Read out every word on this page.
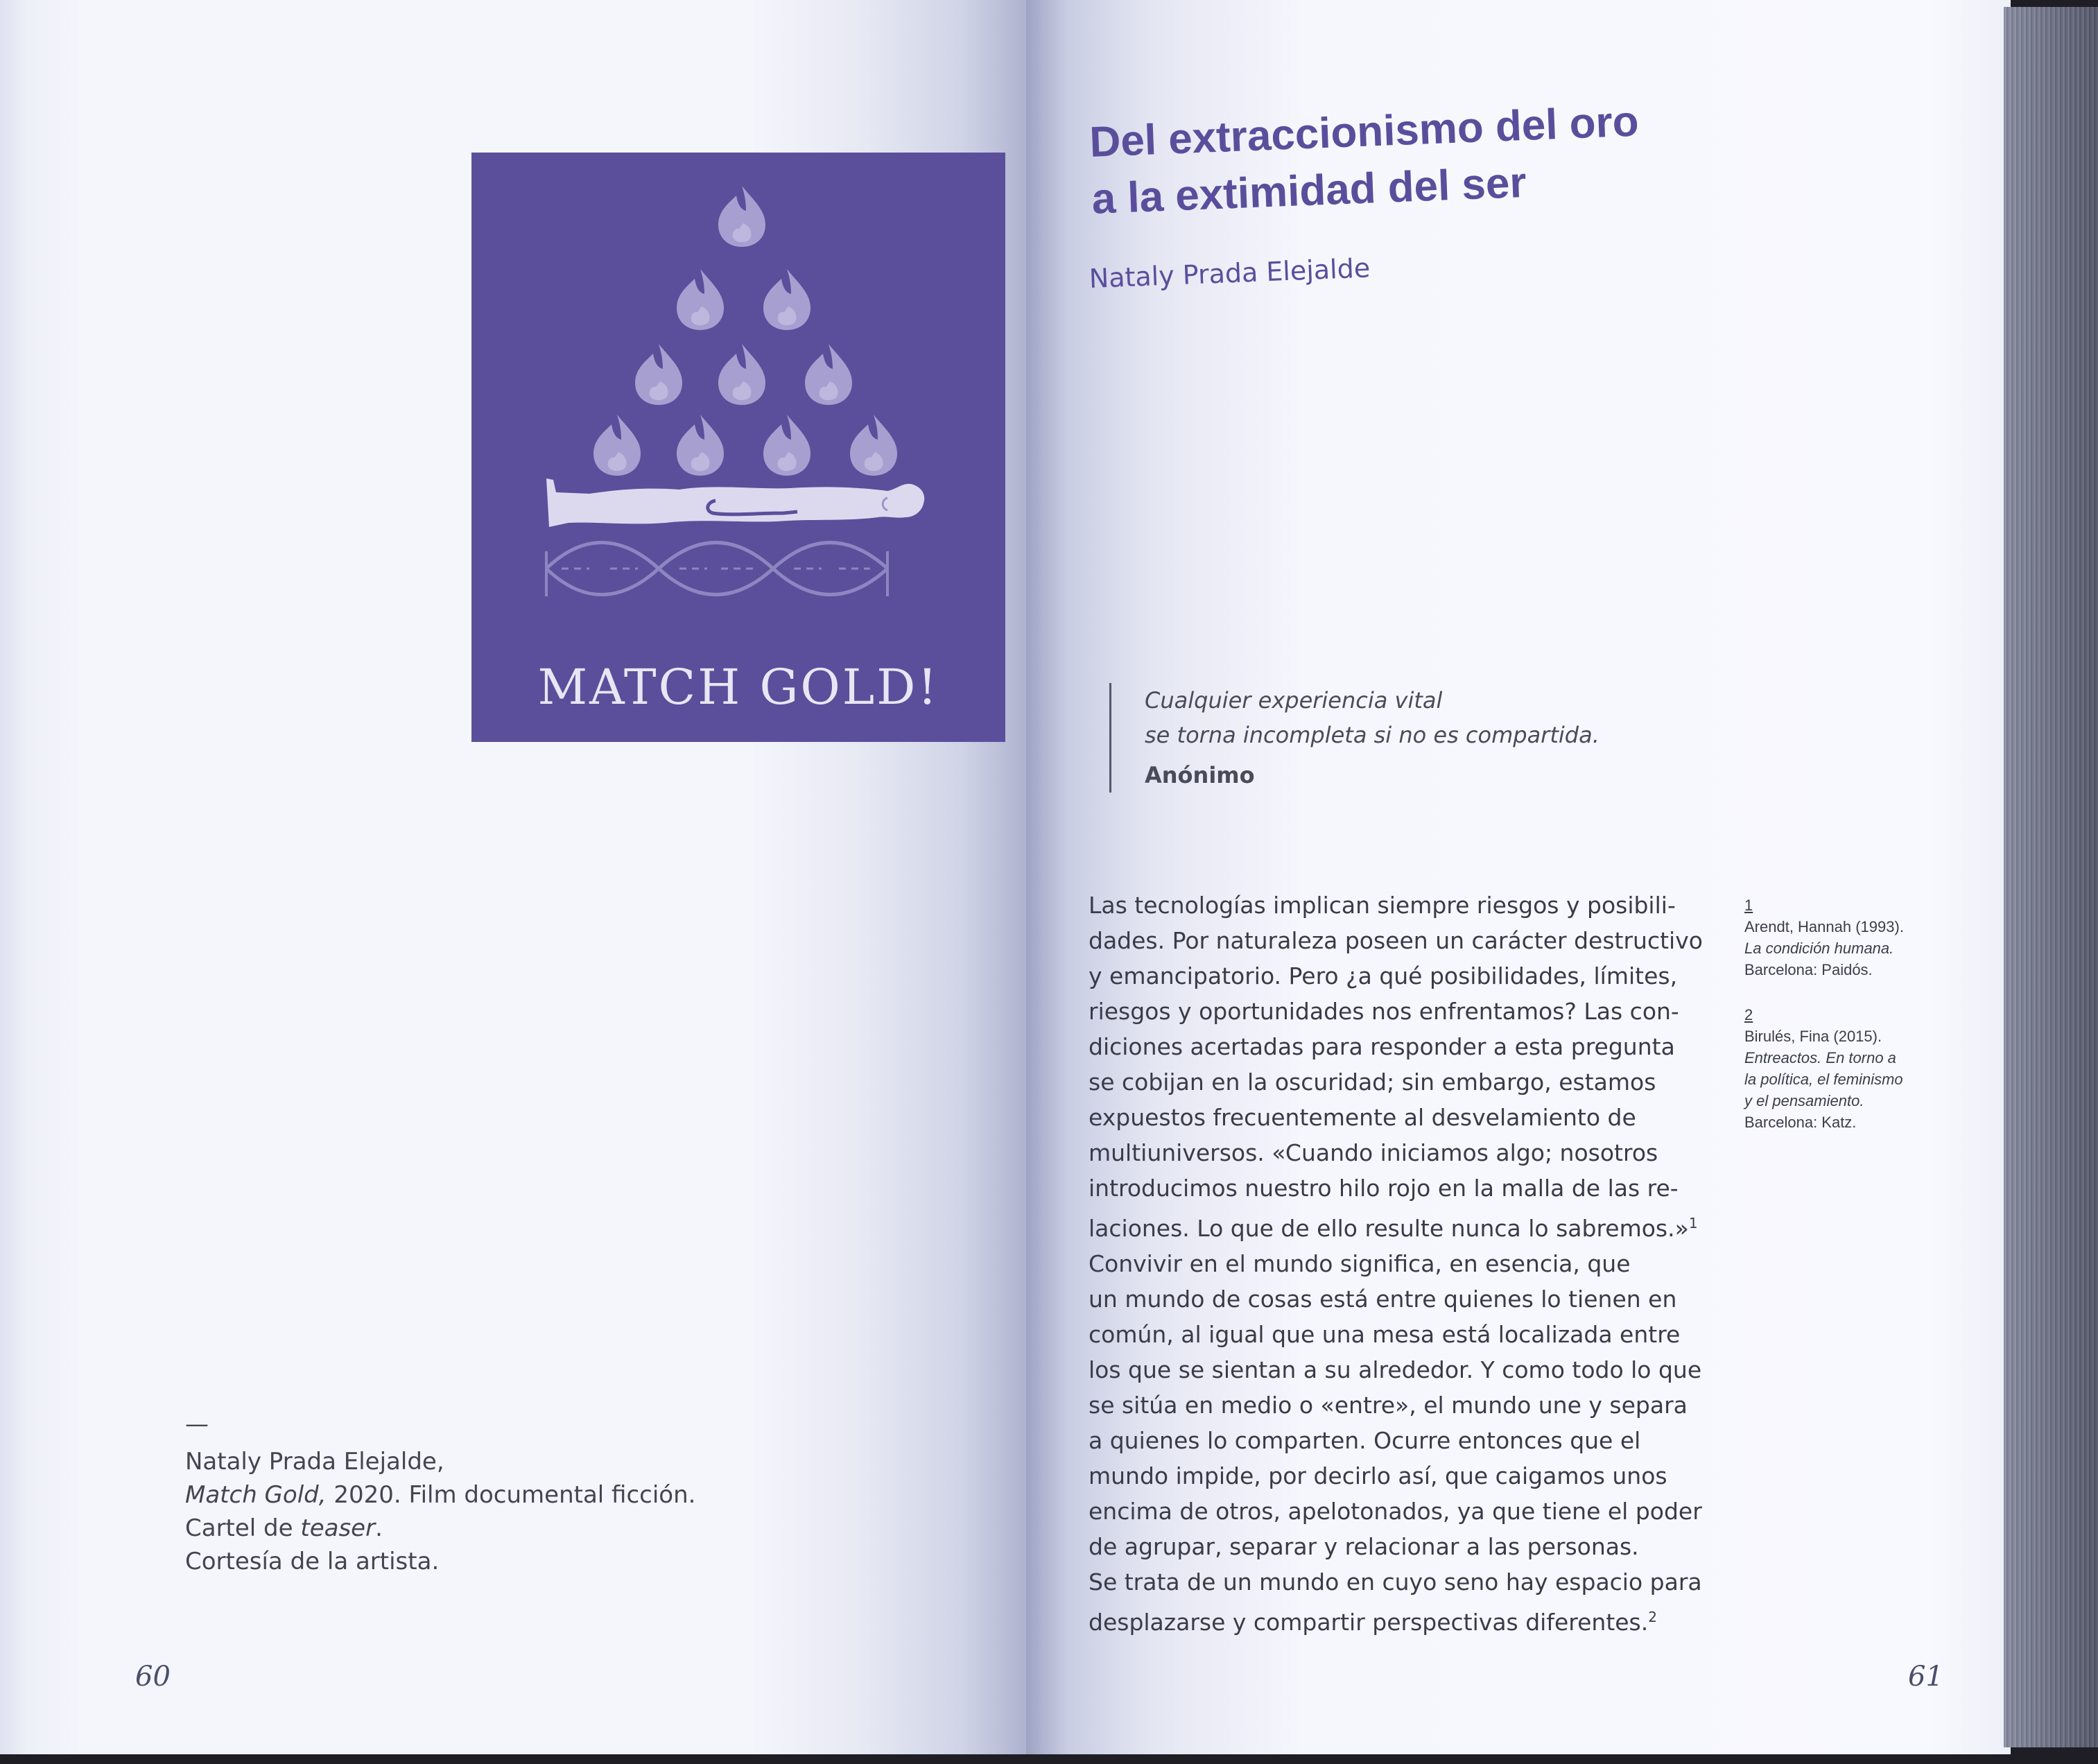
MATCH GOLD!
—
Nataly Prada Elejalde,
Match Gold, 2020. Film documental ficción.
Cartel de teaser.
Cortesía de la artista.
60
Del extraccionismo del oro
a la extimidad del ser
Nataly Prada Elejalde
Cualquier experiencia vital
se torna incompleta si no es compartida.
Anónimo
Las tecnologías implican siempre riesgos y posibili-
dades. Por naturaleza poseen un carácter destructivo
y emancipatorio. Pero ¿a qué posibilidades, límites,
riesgos y oportunidades nos enfrentamos? Las con-
diciones acertadas para responder a esta pregunta
se cobijan en la oscuridad; sin embargo, estamos
expuestos frecuentemente al desvelamiento de
multiuniversos. «Cuando iniciamos algo; nosotros
introducimos nuestro hilo rojo en la malla de las re-
laciones. Lo que de ello resulte nunca lo sabremos.»$^1$
Convivir en el mundo significa, en esencia, que
un mundo de cosas está entre quienes lo tienen en
común, al igual que una mesa está localizada entre
los que se sientan a su alrededor. Y como todo lo que
se sitúa en medio o «entre», el mundo une y separa
a quienes lo comparten. Ocurre entonces que el
mundo impide, por decirlo así, que caigamos unos
encima de otros, apelotonados, ya que tiene el poder
de agrupar, separar y relacionar a las personas.
Se trata de un mundo en cuyo seno hay espacio para
desplazarse y compartir perspectivas diferentes.$^2$
1
Arendt, Hannah (1993).
La condición humana.
Barcelona: Paidós.
2
Birulés, Fina (2015).
Entreactos. En torno a
la política, el feminismo
y el pensamiento.
Barcelona: Katz.
61
